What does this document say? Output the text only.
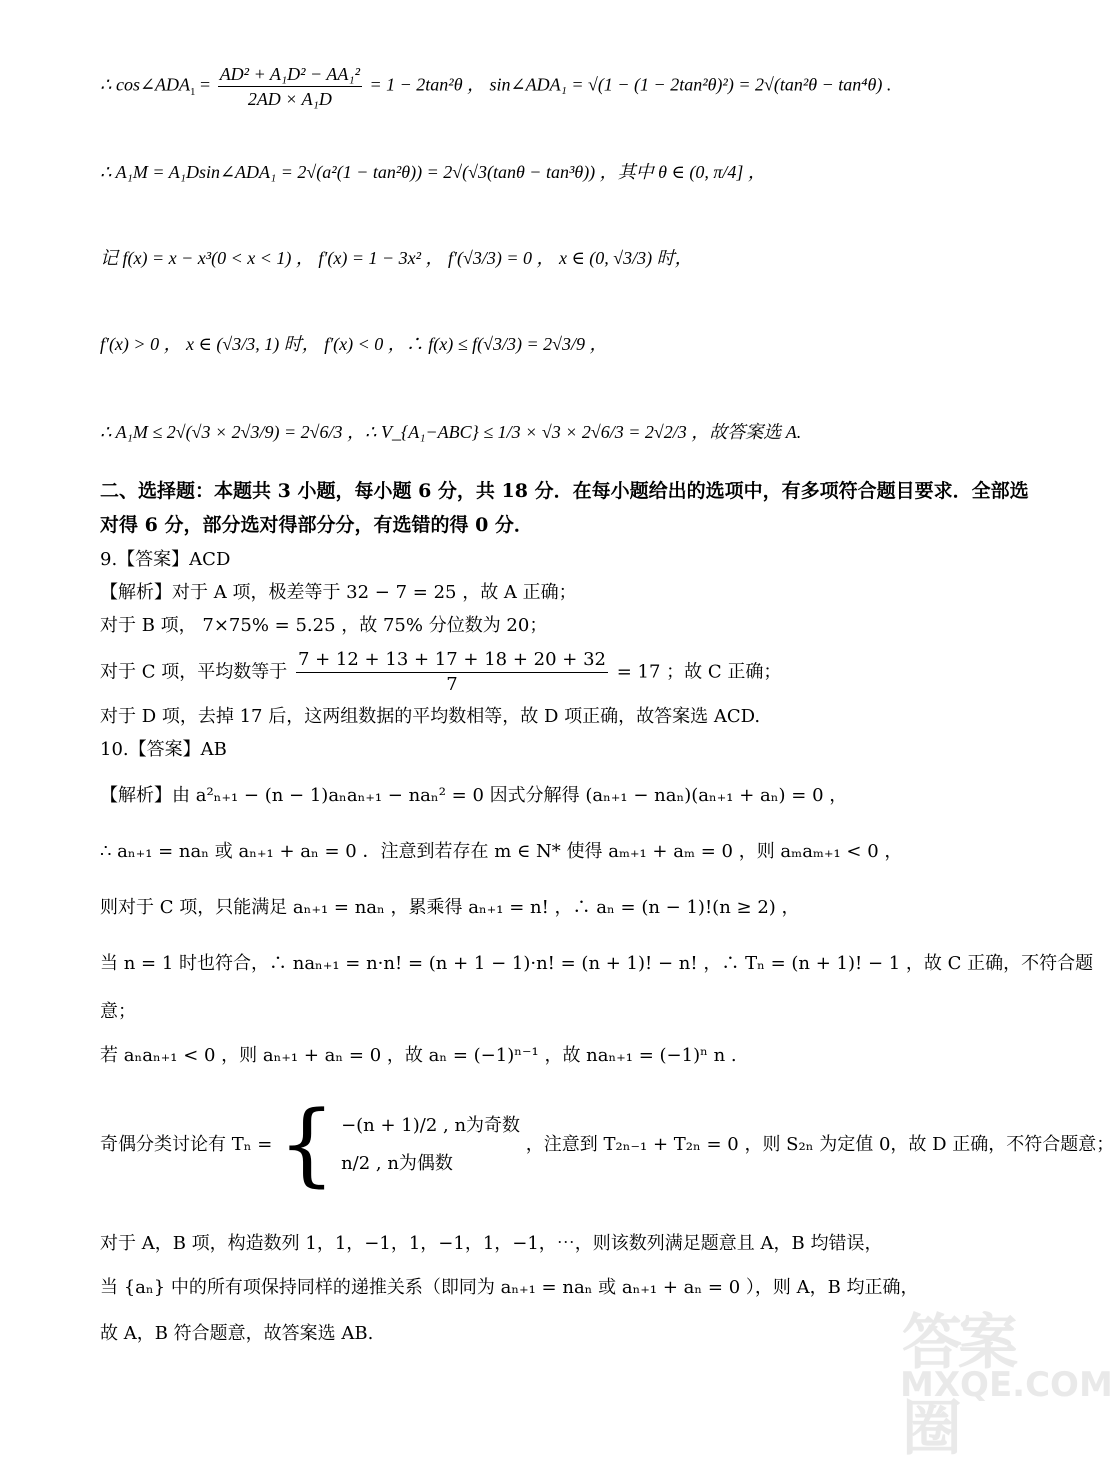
∴ $\cos\angle ADA_1 = \frac{\text{AD² + A₁D² − AA₁²}}{\text{2AD × A₁D}} = 1 - 2\tan^2\theta$ ， sin∠ADA₁ = √(1 − (1 − 2tan²θ)²) = 2√(tan²θ − tan⁴θ) .
∴ A₁M = A₁Dsin∠ADA₁ = 2√(a²(1 − tan²θ)) = 2√(√3(tanθ − tan³θ)) ，其中 θ ∈ (0, π/4] ，
记 f(x) = x − x³(0 < x < 1) ， f′(x) = 1 − 3x² ， f′(√3/3) = 0 ， x ∈ (0, √3/3) 时，
f′(x) > 0 ， x ∈ (√3/3, 1) 时， f′(x) < 0 ，∴ f(x) ≤ f(√3/3) = 2√3/9 ，
∴ A₁M ≤ 2√(√3 × 2√3/9) = 2√6/3 ，∴ V_{A₁−ABC} ≤ 1/3 × √3 × 2√6/3 = 2√2/3 ，故答案选 A.
二、选择题：本题共 3 小题，每小题 6 分，共 18 分．在每小题给出的选项中，有多项符合题目要求．全部选对得 6 分，部分选对得部分分，有选错的得 0 分．
9.【答案】ACD
【解析】对于 A 项，极差等于 32 − 7 = 25 ，故 A 正确；
对于 B 项， 7×75% = 5.25 ，故 75% 分位数为 20；
对于 C 项，平均数等于 $\frac{7 + 12 + 13 + 17 + 18 + 20 + 32}{7} = 17$ ；故 C 正确；
对于 D 项，去掉 17 后，这两组数据的平均数相等，故 D 项正确，故答案选 ACD.
10.【答案】AB
【解析】由 a²ₙ₊₁ − (n − 1)aₙaₙ₊₁ − naₙ² = 0 因式分解得 (aₙ₊₁ − naₙ)(aₙ₊₁ + aₙ) = 0 ，
∴ aₙ₊₁ = naₙ 或 aₙ₊₁ + aₙ = 0 ．注意到若存在 m ∈ N* 使得 aₘ₊₁ + aₘ = 0 ，则 aₘaₘ₊₁ < 0 ，
则对于 C 项，只能满足 aₙ₊₁ = naₙ ，累乘得 aₙ₊₁ = n! ，∴ aₙ = (n − 1)!(n ≥ 2) ，
当 n = 1 时也符合，∴ naₙ₊₁ = n·n! = (n + 1 − 1)·n! = (n + 1)! − n! ，∴ Tₙ = (n + 1)! − 1 ，故 C 正确，不符合题
意；
若 aₙaₙ₊₁ < 0 ，则 aₙ₊₁ + aₙ = 0 ，故 aₙ = (−1)ⁿ⁻¹ ，故 naₙ₊₁ = (−1)ⁿ n .
奇偶分类讨论有 Tₙ = { −(n + 1)/2 , n为奇数
n/2 , n为偶数
，注意到 T₂ₙ₋₁ + T₂ₙ = 0 ，则 S₂ₙ 为定值 0，故 D 正确，不符合题意；
对于 A，B 项，构造数列 1，1，−1，1，−1，1，−1，⋯，则该数列满足题意且 A，B 均错误，
当 {aₙ} 中的所有项保持同样的递推关系（即同为 aₙ₊₁ = naₙ 或 aₙ₊₁ + aₙ = 0 ），则 A，B 均正确，
故 A，B 符合题意，故答案选 AB.	答案圈
MXQE.COM
